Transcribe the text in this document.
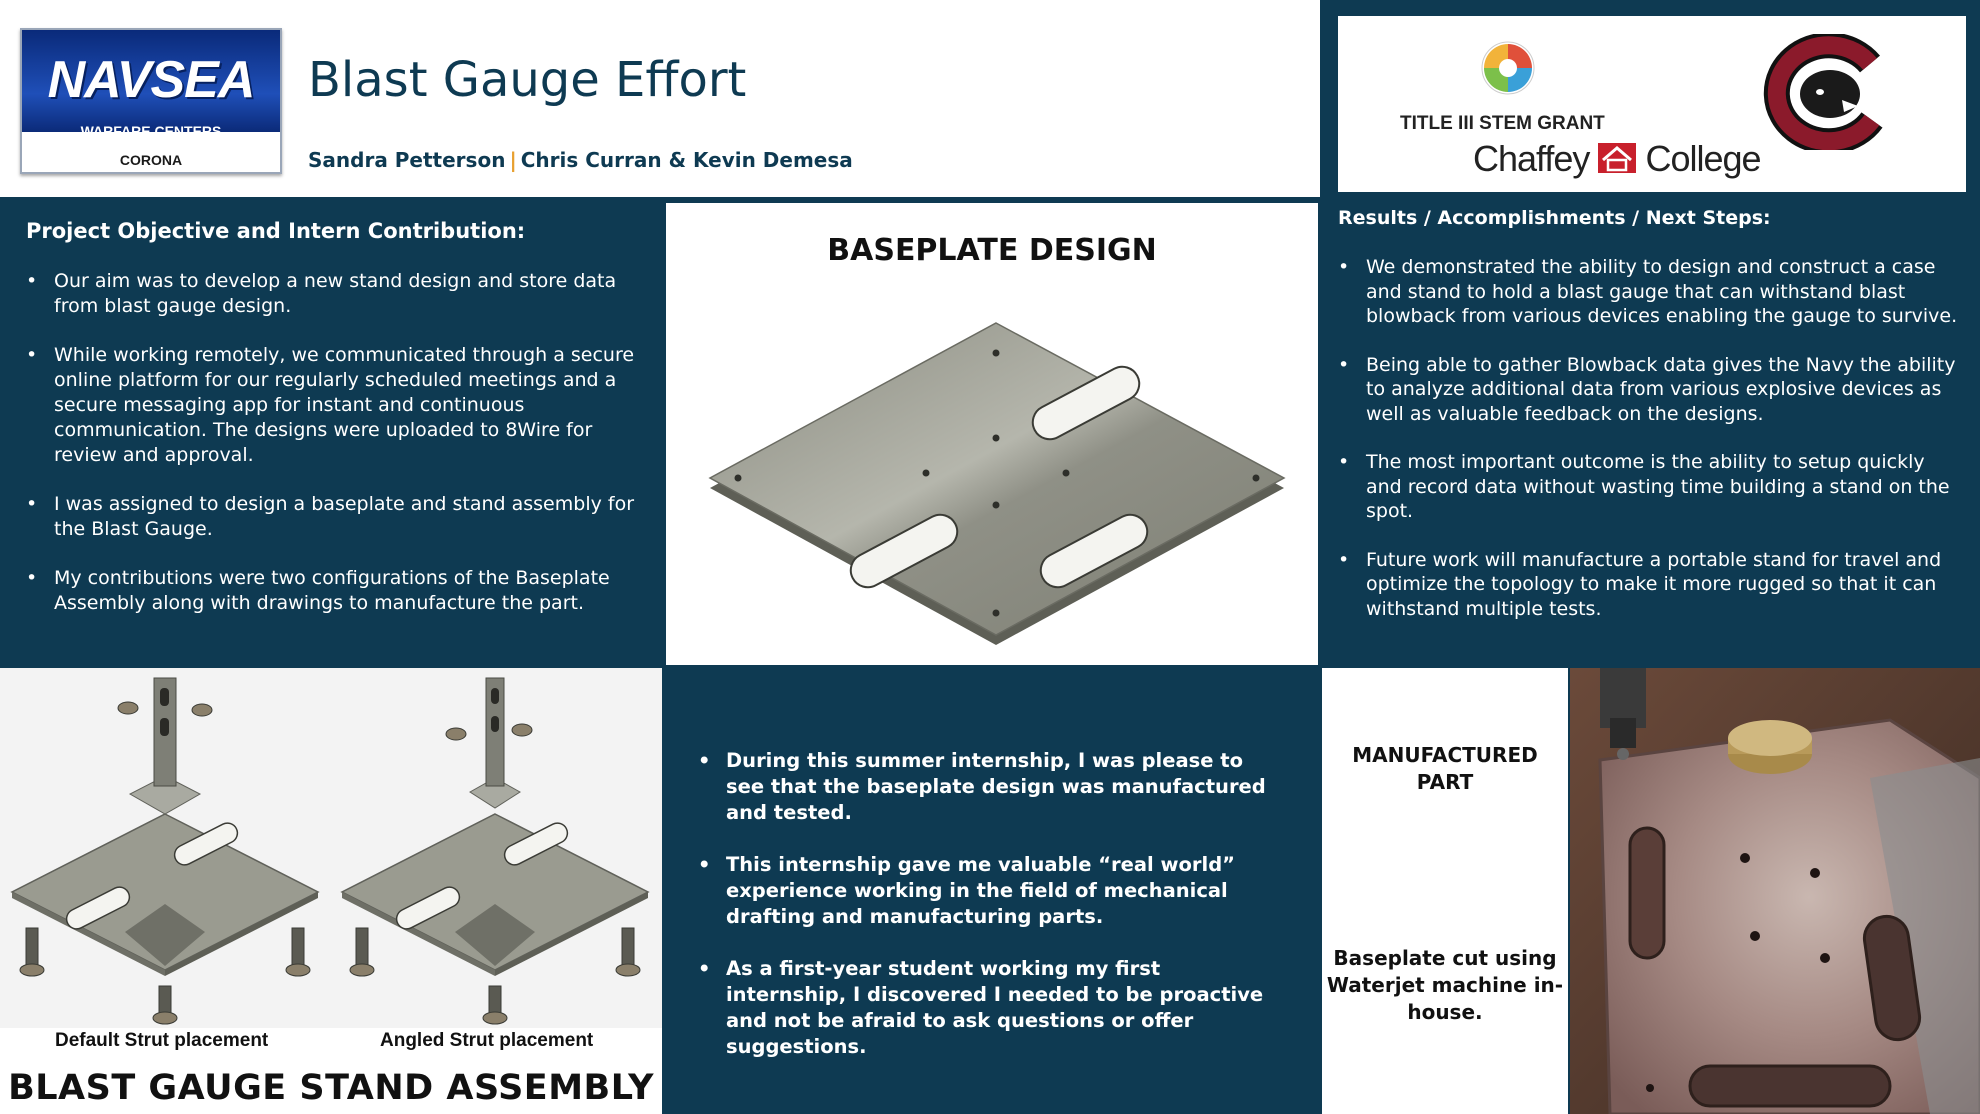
NAVSEA
WARFARE CENTERS
CORONA
Blast Gauge Effort
Sandra Petterson | Chris Curran & Kevin Demesa
TITLE III STEM GRANT
Chaffey College
Project Objective and Intern Contribution:
• Our aim was to develop a new stand design and store data from blast gauge design.
• While working remotely, we communicated through a secure online platform for our regularly scheduled meetings and a secure messaging app for instant and continuous communication. The designs were uploaded to 8Wire for review and approval.
• I was assigned to design a baseplate and stand assembly for the Blast Gauge.
• My contributions were two configurations of the Baseplate Assembly along with drawings to manufacture the part.
BASEPLATE DESIGN
Results / Accomplishments / Next Steps:
• We demonstrated the ability to design and construct a case and stand to hold a blast gauge that can withstand blast blowback from various devices enabling the gauge to survive.
• Being able to gather Blowback data gives the Navy the ability to analyze additional data from various explosive devices as well as valuable feedback on the designs.
• The most important outcome is the ability to setup quickly and record data without wasting time building a stand on the spot.
• Future work will manufacture a portable stand for travel and optimize the topology to make it more rugged so that it can withstand multiple tests.
Default Strut placement	Angled Strut placement
BLAST GAUGE STAND ASSEMBLY
• During this summer internship, I was please to see that the baseplate design was manufactured and tested.
• This internship gave me valuable “real world” experience working in the field of mechanical drafting and manufacturing parts.
• As a first-year student working my first internship, I discovered I needed to be proactive and not be afraid to ask questions or offer suggestions.
MANUFACTURED PART
Baseplate cut using Waterjet machine in-house.
